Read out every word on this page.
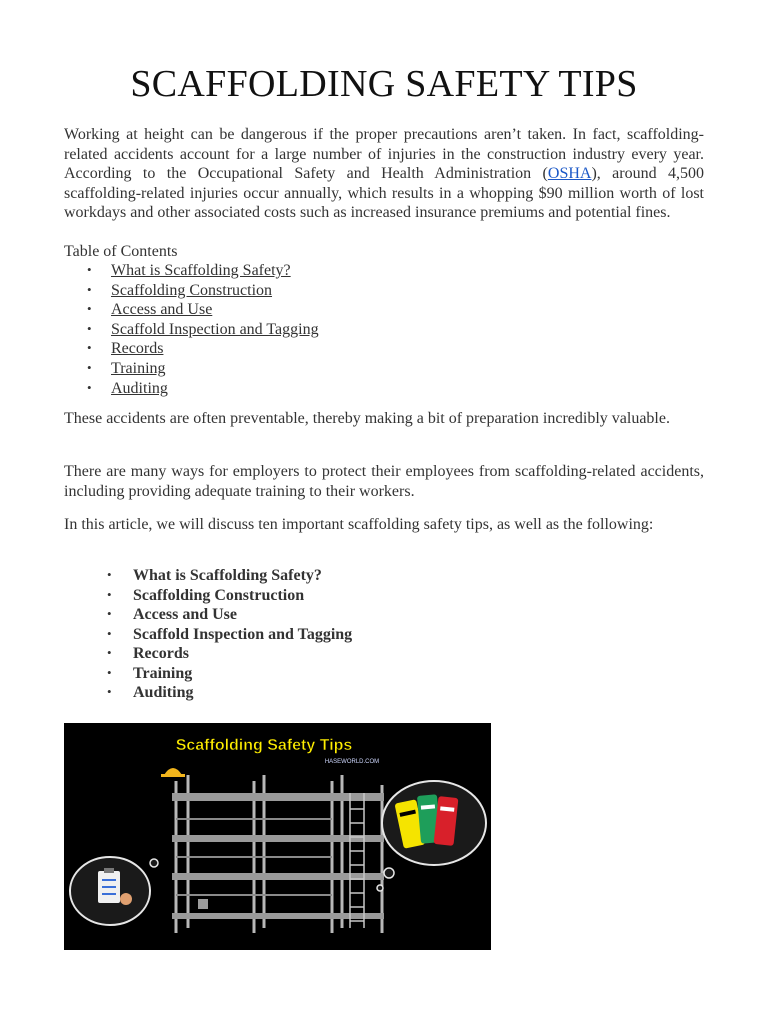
SCAFFOLDING SAFETY TIPS

Working at height can be dangerous if the proper precautions aren’t taken. In fact, scaffolding-related accidents account for a large number of injuries in the construction industry every year. According to the Occupational Safety and Health Administration (OSHA), around 4,500 scaffolding-related injuries occur annually, which results in a whopping $90 million worth of lost workdays and other associated costs such as increased insurance premiums and potential fines.

Table of Contents
• What is Scaffolding Safety?
• Scaffolding Construction
• Access and Use
• Scaffold Inspection and Tagging
• Records
• Training
• Auditing

These accidents are often preventable, thereby making a bit of preparation incredibly valuable.

There are many ways for employers to protect their employees from scaffolding-related accidents, including providing adequate training to their workers.

In this article, we will discuss ten important scaffolding safety tips, as well as the following:

• What is Scaffolding Safety?
• Scaffolding Construction
• Access and Use
• Scaffold Inspection and Tagging
• Records
• Training
• Auditing
Scaffolding Safety Tips
HASEWORLD.COM
